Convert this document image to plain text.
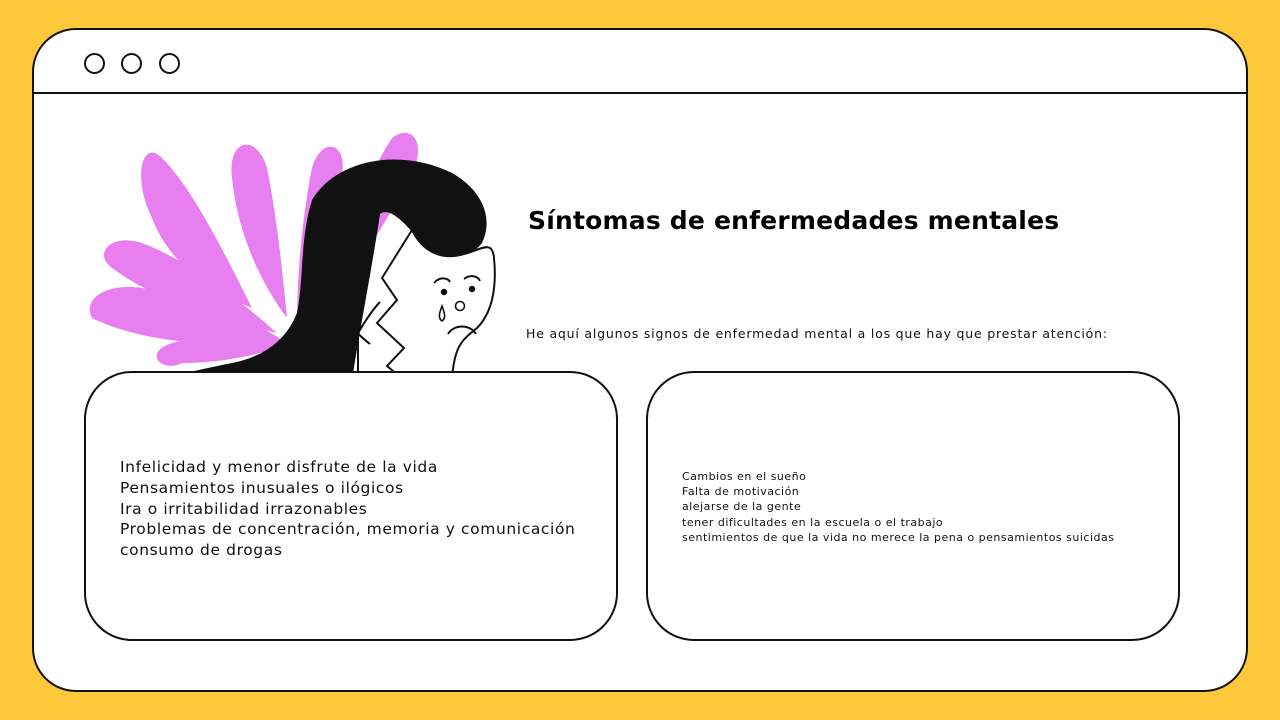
Síntomas de enfermedades mentales
He aquí algunos signos de enfermedad mental a los que hay que prestar atención:
Infelicidad y menor disfrute de la vida
Pensamientos inusuales o ilógicos
Ira o irritabilidad irrazonables
Problemas de concentración, memoria y comunicación
consumo de drogas
Cambios en el sueño
Falta de motivación
alejarse de la gente
tener dificultades en la escuela o el trabajo
sentimientos de que la vida no merece la pena o pensamientos suicidas
